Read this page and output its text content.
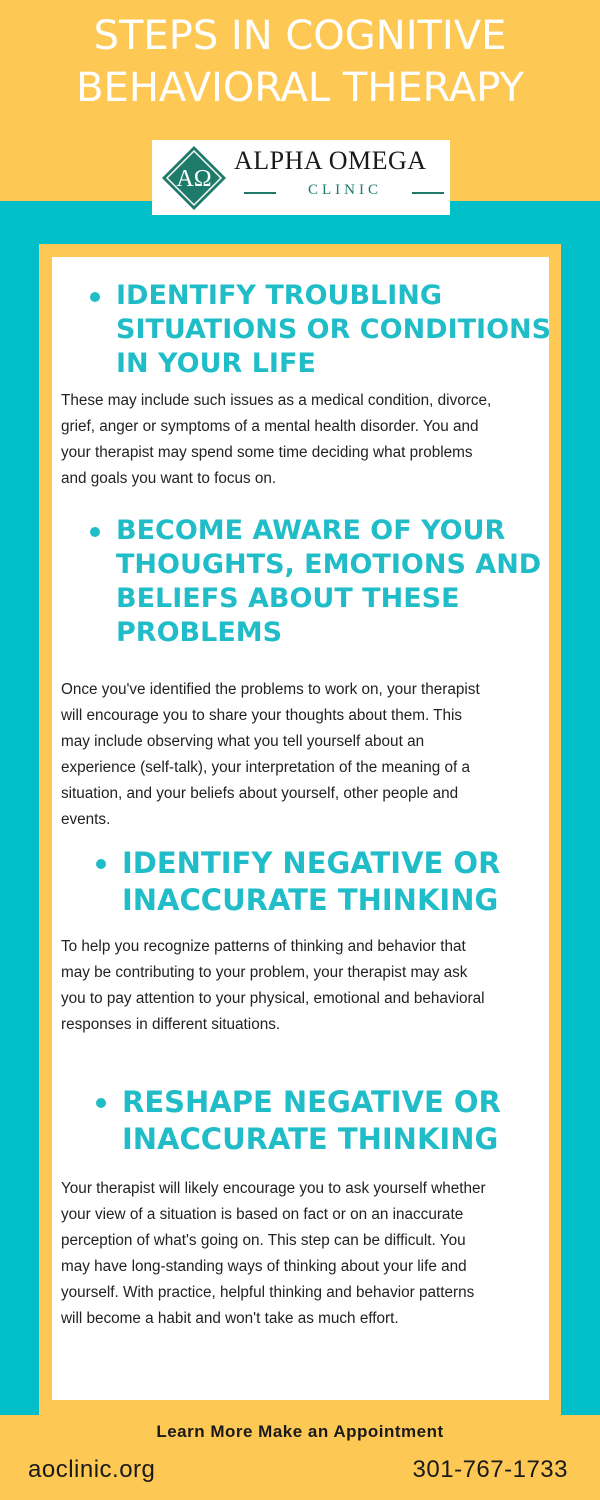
STEPS IN COGNITIVE
BEHAVIORAL THERAPY
AΩ
ALPHA OMEGA
CLINIC
IDENTIFY TROUBLING
SITUATIONS OR CONDITIONS
IN YOUR LIFE
These may include such issues as a medical condition, divorce,
grief, anger or symptoms of a mental health disorder. You and
your therapist may spend some time deciding what problems
and goals you want to focus on.
BECOME AWARE OF YOUR
THOUGHTS, EMOTIONS AND
BELIEFS ABOUT THESE
PROBLEMS
Once you've identified the problems to work on, your therapist
will encourage you to share your thoughts about them. This
may include observing what you tell yourself about an
experience (self-talk), your interpretation of the meaning of a
situation, and your beliefs about yourself, other people and
events.
IDENTIFY NEGATIVE OR
INACCURATE THINKING
To help you recognize patterns of thinking and behavior that
may be contributing to your problem, your therapist may ask
you to pay attention to your physical, emotional and behavioral
responses in different situations.
RESHAPE NEGATIVE OR
INACCURATE THINKING
Your therapist will likely encourage you to ask yourself whether
your view of a situation is based on fact or on an inaccurate
perception of what's going on. This step can be difficult. You
may have long-standing ways of thinking about your life and
yourself. With practice, helpful thinking and behavior patterns
will become a habit and won't take as much effort.
Learn More Make an Appointment
aoclinic.org	301-767-1733
